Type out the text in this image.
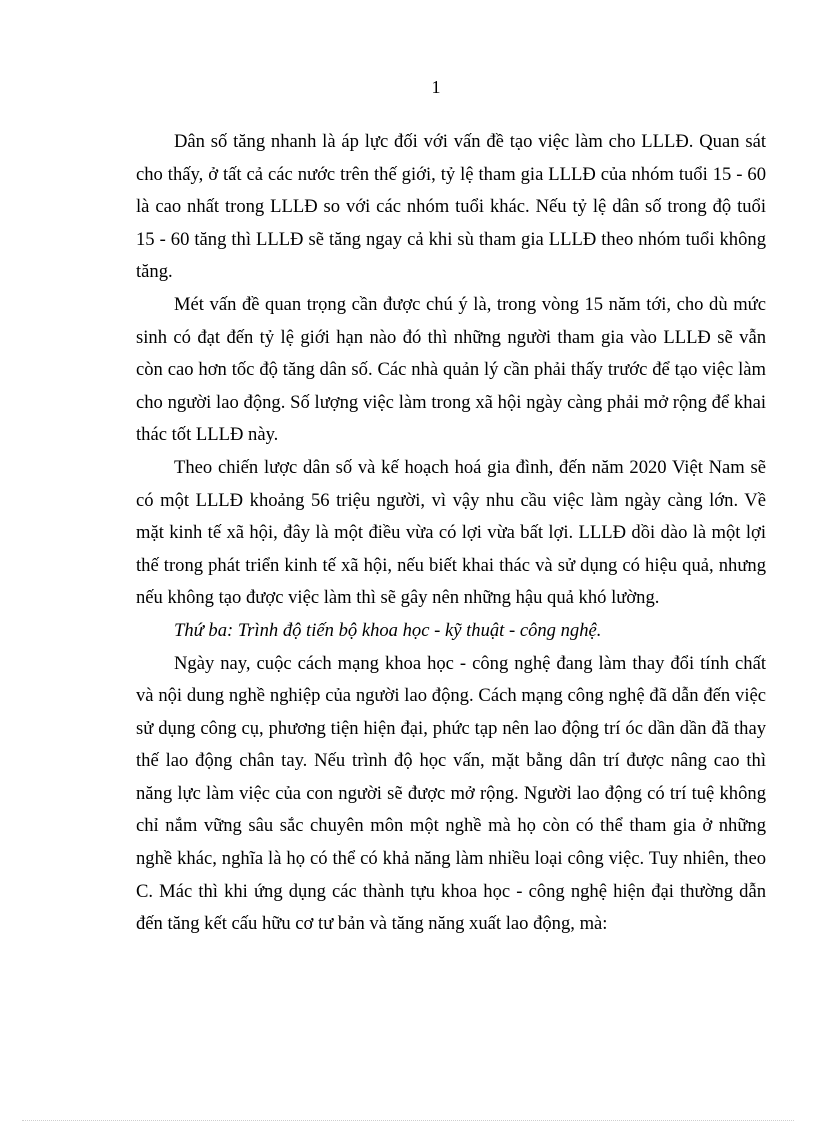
1

Dân số tăng nhanh là áp lực đối với vấn đề tạo việc làm cho LLLĐ. Quan sát cho thấy, ở tất cả các nước trên thế giới, tỷ lệ tham gia LLLĐ của nhóm tuổi 15 - 60 là cao nhất trong LLLĐ so với các nhóm tuổi khác. Nếu tỷ lệ dân số trong độ tuổi 15 - 60 tăng thì LLLĐ sẽ tăng ngay cả khi sù tham gia LLLĐ theo nhóm tuổi không tăng.

Mét vấn đề quan trọng cần được chú ý là, trong vòng 15 năm tới, cho dù mức sinh có đạt đến tỷ lệ giới hạn nào đó thì những người tham gia vào LLLĐ sẽ vẫn còn cao hơn tốc độ tăng dân số. Các nhà quản lý cần phải thấy trước để tạo việc làm cho người lao động. Số lượng việc làm trong xã hội ngày càng phải mở rộng để khai thác tốt LLLĐ này.

Theo chiến lược dân số và kế hoạch hoá gia đình, đến năm 2020 Việt Nam sẽ có một LLLĐ khoảng 56 triệu người, vì vậy nhu cầu việc làm ngày càng lớn. Về mặt kinh tế xã hội, đây là một điều vừa có lợi vừa bất lợi. LLLĐ dồi dào là một lợi thế trong phát triển kinh tế xã hội, nếu biết khai thác và sử dụng có hiệu quả, nhưng nếu không tạo được việc làm thì sẽ gây nên những hậu quả khó lường.

Thứ ba: Trình độ tiến bộ khoa học - kỹ thuật - công nghệ.

Ngày nay, cuộc cách mạng khoa học - công nghệ đang làm thay đổi tính chất và nội dung nghề nghiệp của người lao động. Cách mạng công nghệ đã dẫn đến việc sử dụng công cụ, phương tiện hiện đại, phức tạp nên lao động trí óc dần dần đã thay thế lao động chân tay. Nếu trình độ học vấn, mặt bằng dân trí được nâng cao thì năng lực làm việc của con người sẽ được mở rộng. Người lao động có trí tuệ không chỉ nắm vững sâu sắc chuyên môn một nghề mà họ còn có thể tham gia ở những nghề khác, nghĩa là họ có thể có khả năng làm nhiều loại công việc. Tuy nhiên, theo C. Mác thì khi ứng dụng các thành tựu khoa học - công nghệ hiện đại thường dẫn đến tăng kết cấu hữu cơ tư bản và tăng năng xuất lao động, mà:
